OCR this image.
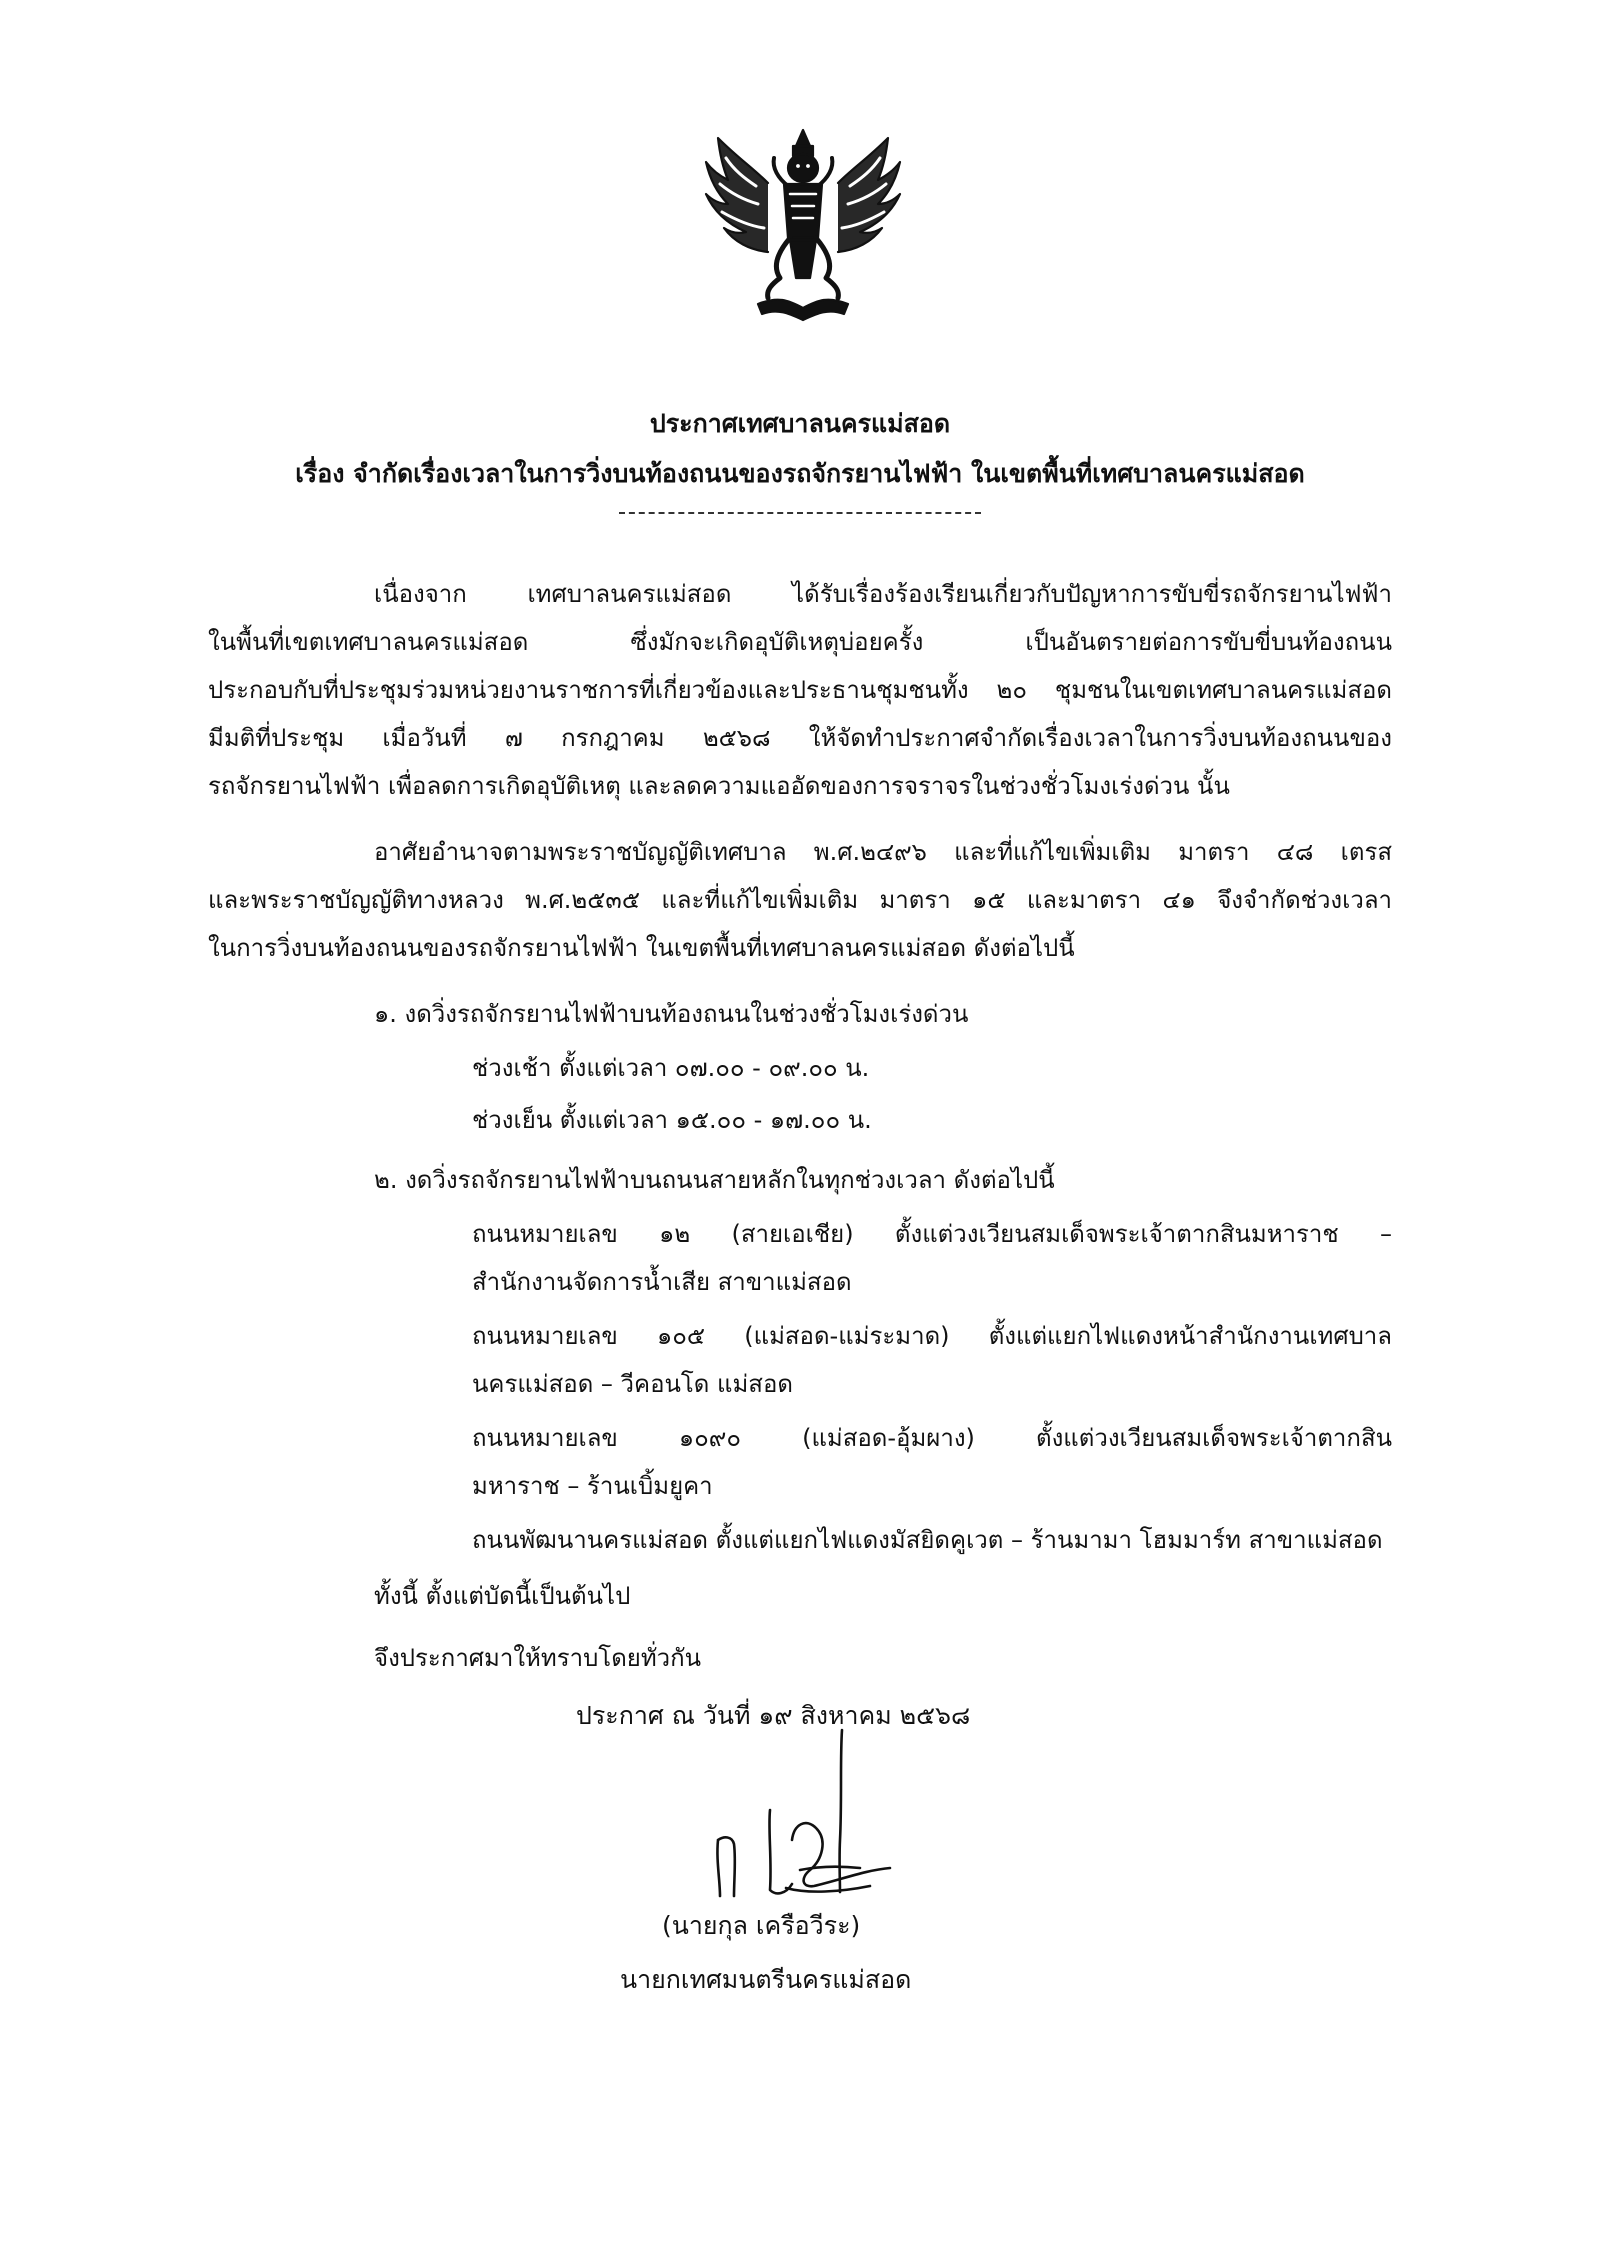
ประกาศเทศบาลนครแม่สอด
เรื่อง จำกัดเรื่องเวลาในการวิ่งบนท้องถนนของรถจักรยานไฟฟ้า ในเขตพื้นที่เทศบาลนครแม่สอด
เนื่องจาก เทศบาลนครแม่สอด ได้รับเรื่องร้องเรียนเกี่ยวกับปัญหาการขับขี่รถจักรยานไฟฟ้า
ในพื้นที่เขตเทศบาลนครแม่สอด ซึ่งมักจะเกิดอุบัติเหตุบ่อยครั้ง เป็นอันตรายต่อการขับขี่บนท้องถนน
ประกอบกับที่ประชุมร่วมหน่วยงานราชการที่เกี่ยวข้องและประธานชุมชนทั้ง ๒๐ ชุมชนในเขตเทศบาลนครแม่สอด
มีมติที่ประชุม เมื่อวันที่ ๗ กรกฎาคม ๒๕๖๘ ให้จัดทำประกาศจำกัดเรื่องเวลาในการวิ่งบนท้องถนนของ
รถจักรยานไฟฟ้า เพื่อลดการเกิดอุบัติเหตุ และลดความแออัดของการจราจรในช่วงชั่วโมงเร่งด่วน นั้น
อาศัยอำนาจตามพระราชบัญญัติเทศบาล พ.ศ.๒๔๙๖ และที่แก้ไขเพิ่มเติม มาตรา ๔๘ เตรส
และพระราชบัญญัติทางหลวง พ.ศ.๒๕๓๕ และที่แก้ไขเพิ่มเติม มาตรา ๑๕ และมาตรา ๔๑ จึงจำกัดช่วงเวลา
ในการวิ่งบนท้องถนนของรถจักรยานไฟฟ้า ในเขตพื้นที่เทศบาลนครแม่สอด ดังต่อไปนี้
๑. งดวิ่งรถจักรยานไฟฟ้าบนท้องถนนในช่วงชั่วโมงเร่งด่วน
ช่วงเช้า ตั้งแต่เวลา ๐๗.๐๐ - ๐๙.๐๐ น.
ช่วงเย็น ตั้งแต่เวลา ๑๕.๐๐ - ๑๗.๐๐ น.
๒. งดวิ่งรถจักรยานไฟฟ้าบนถนนสายหลักในทุกช่วงเวลา ดังต่อไปนี้
ถนนหมายเลข ๑๒ (สายเอเชีย) ตั้งแต่วงเวียนสมเด็จพระเจ้าตากสินมหาราช –
สำนักงานจัดการน้ำเสีย สาขาแม่สอด
ถนนหมายเลข ๑๐๕ (แม่สอด-แม่ระมาด) ตั้งแต่แยกไฟแดงหน้าสำนักงานเทศบาล
นครแม่สอด – วีคอนโด แม่สอด
ถนนหมายเลข ๑๐๙๐ (แม่สอด-อุ้มผาง) ตั้งแต่วงเวียนสมเด็จพระเจ้าตากสิน
มหาราช – ร้านเบิ้มยูคา
ถนนพัฒนานครแม่สอด ตั้งแต่แยกไฟแดงมัสยิดคูเวต – ร้านมามา โฮมมาร์ท สาขาแม่สอด
ทั้งนี้ ตั้งแต่บัดนี้เป็นต้นไป
จึงประกาศมาให้ทราบโดยทั่วกัน
ประกาศ ณ วันที่ ๑๙ สิงหาคม ๒๕๖๘
(นายกุล เครือวีระ)
นายกเทศมนตรีนครแม่สอด
